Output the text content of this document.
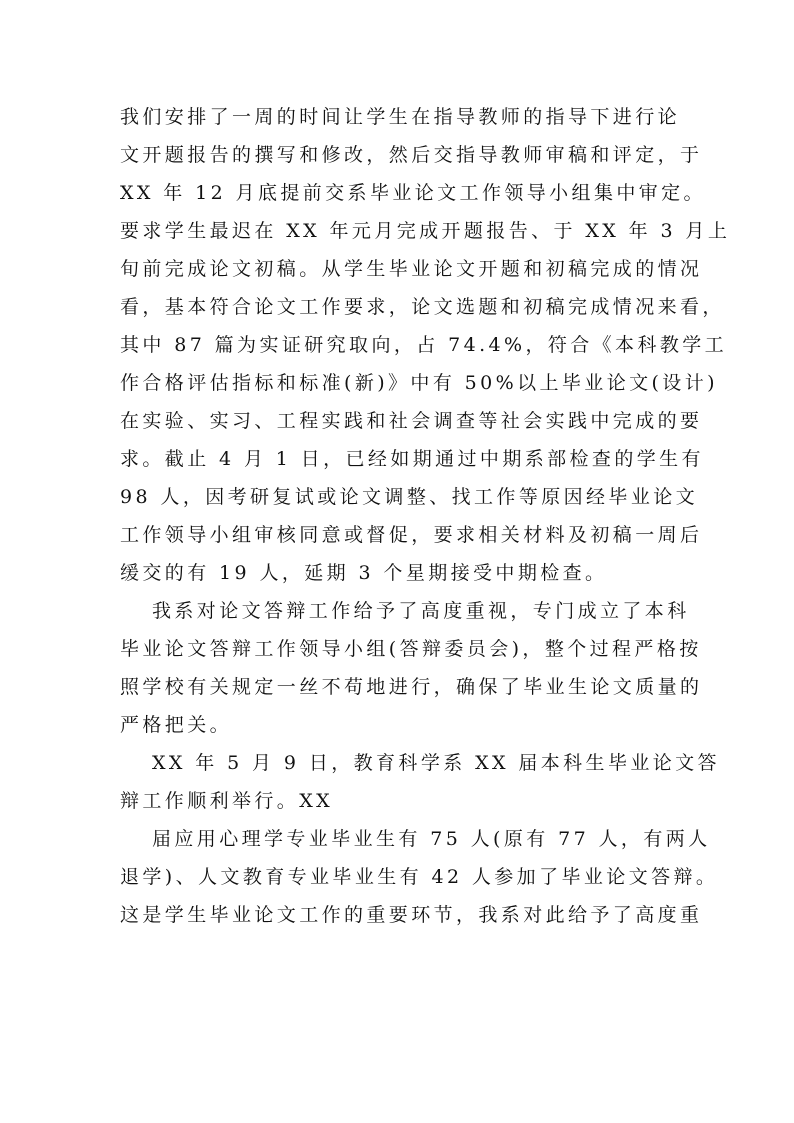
我们安排了一周的时间让学生在指导教师的指导下进行论
文开题报告的撰写和修改，然后交指导教师审稿和评定，于
XX 年 12 月底提前交系毕业论文工作领导小组集中审定。
要求学生最迟在 XX 年元月完成开题报告、于 XX 年 3 月上
旬前完成论文初稿。从学生毕业论文开题和初稿完成的情况
看，基本符合论文工作要求，论文选题和初稿完成情况来看，
其中 87 篇为实证研究取向，占 74.4%，符合《本科教学工
作合格评估指标和标准(新)》中有 50%以上毕业论文(设计)
在实验、实习、工程实践和社会调查等社会实践中完成的要
求。截止 4 月 1 日，已经如期通过中期系部检查的学生有
98 人，因考研复试或论文调整、找工作等原因经毕业论文
工作领导小组审核同意或督促，要求相关材料及初稿一周后
缓交的有 19 人，延期 3 个星期接受中期检查。
我系对论文答辩工作给予了高度重视，专门成立了本科
毕业论文答辩工作领导小组(答辩委员会)，整个过程严格按
照学校有关规定一丝不苟地进行，确保了毕业生论文质量的
严格把关。
XX 年 5 月 9 日，教育科学系 XX 届本科生毕业论文答
辩工作顺利举行。XX
届应用心理学专业毕业生有 75 人(原有 77 人，有两人
退学)、人文教育专业毕业生有 42 人参加了毕业论文答辩。
这是学生毕业论文工作的重要环节，我系对此给予了高度重
